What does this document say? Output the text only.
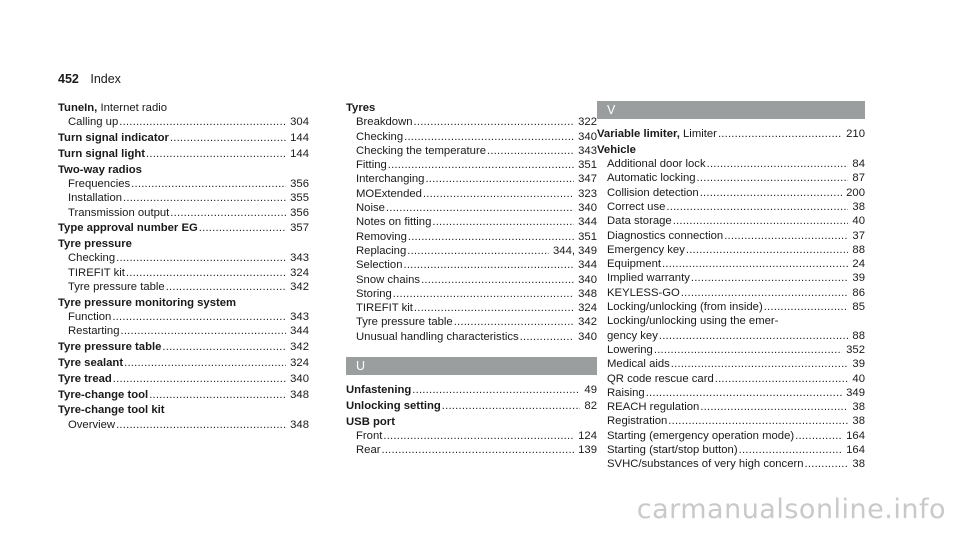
452 Index
TuneIn, Internet radio
Calling up .....	304
Turn signal indicator .....	144
Turn signal light .....	144
Two-way radios
Frequencies .....	356
Installation .....	355
Transmission output .....	356
Type approval number EG .....	357
Tyre pressure
Checking .....	343
TIREFIT kit .....	324
Tyre pressure table .....	342
Tyre pressure monitoring system
Function .....	343
Restarting .....	344
Tyre pressure table .....	342
Tyre sealant .....	324
Tyre tread .....	340
Tyre-change tool .....	348
Tyre-change tool kit
Overview .....	348
Tyres
Breakdown .....	322
Checking .....	340
Checking the temperature .....	343
Fitting .....	351
Interchanging .....	347
MOExtended .....	323
Noise .....	340
Notes on fitting .....	344
Removing .....	351
Replacing .....	344, 349
Selection .....	344
Snow chains .....	340
Storing .....	348
TIREFIT kit .....	324
Tyre pressure table .....	342
Unusual handling characteristics .....	340
U
Unfastening .....	49
Unlocking setting .....	82
USB port
Front .....	124
Rear .....	139
V
Variable limiter, Limiter .....	210
Vehicle
Additional door lock .....	84
Automatic locking .....	87
Collision detection .....	200
Correct use .....	38
Data storage .....	40
Diagnostics connection .....	37
Emergency key .....	88
Equipment .....	24
Implied warranty .....	39
KEYLESS-GO .....	86
Locking/unlocking (from inside) .....	85
Locking/unlocking using the emer-
gency key .....	88
Lowering .....	352
Medical aids .....	39
QR code rescue card .....	40
Raising .....	349
REACH regulation .....	38
Registration .....	38
Starting (emergency operation mode) .....	164
Starting (start/stop button) .....	164
SVHC/substances of very high concern .....	38
carmanualsonline.info
